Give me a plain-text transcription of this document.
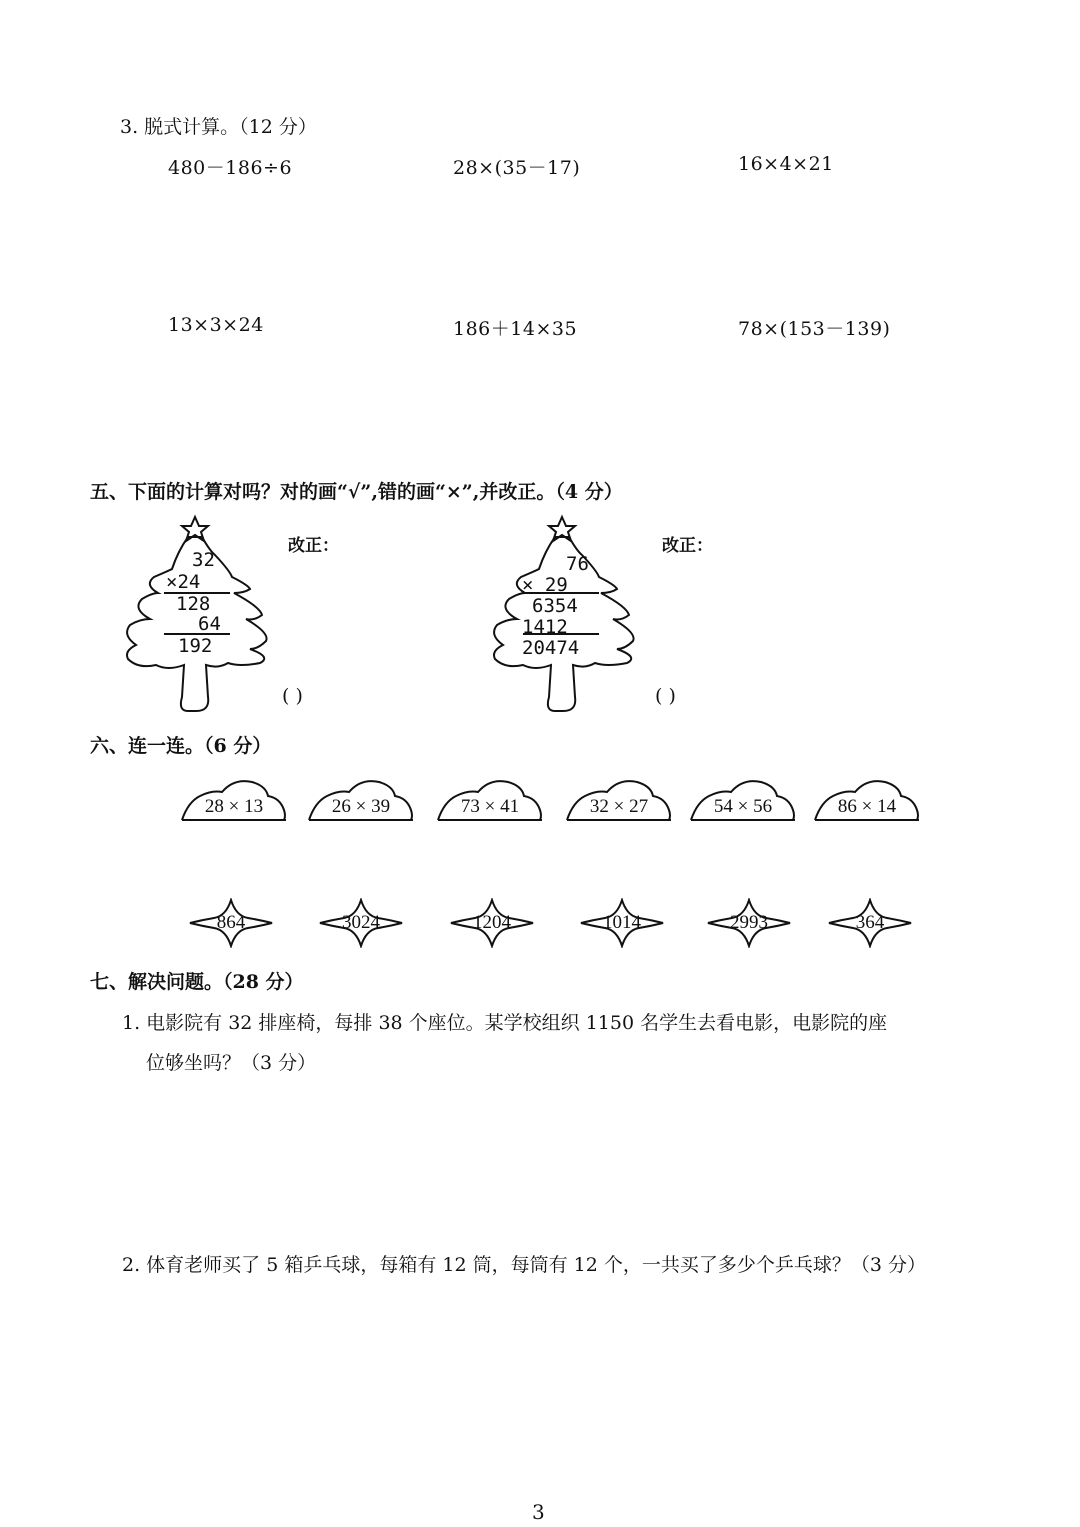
3. 脱式计算。（12 分）
480－186÷6	28×(35－17)	16×4×21
13×3×24	186＋14×35	78×(153－139)
五、下面的计算对吗？对的画“√”,错的画“×”,并改正。（4 分）
32
×24
128
64
192
改正：
( )
76
× 29
6354
1412
20474
改正：
( )
六、连一连。（6 分）
28 × 13	26 × 39	73 × 41	32 × 27	54 × 56	86 × 14
864	3024	1204	1014	2993	364
七、解决问题。（28 分）
1. 电影院有 32 排座椅，每排 38 个座位。某学校组织 1150 名学生去看电影，电影院的座
位够坐吗？（3 分）
2. 体育老师买了 5 箱乒乓球，每箱有 12 筒，每筒有 12 个，一共买了多少个乒乓球？（3 分）
3
